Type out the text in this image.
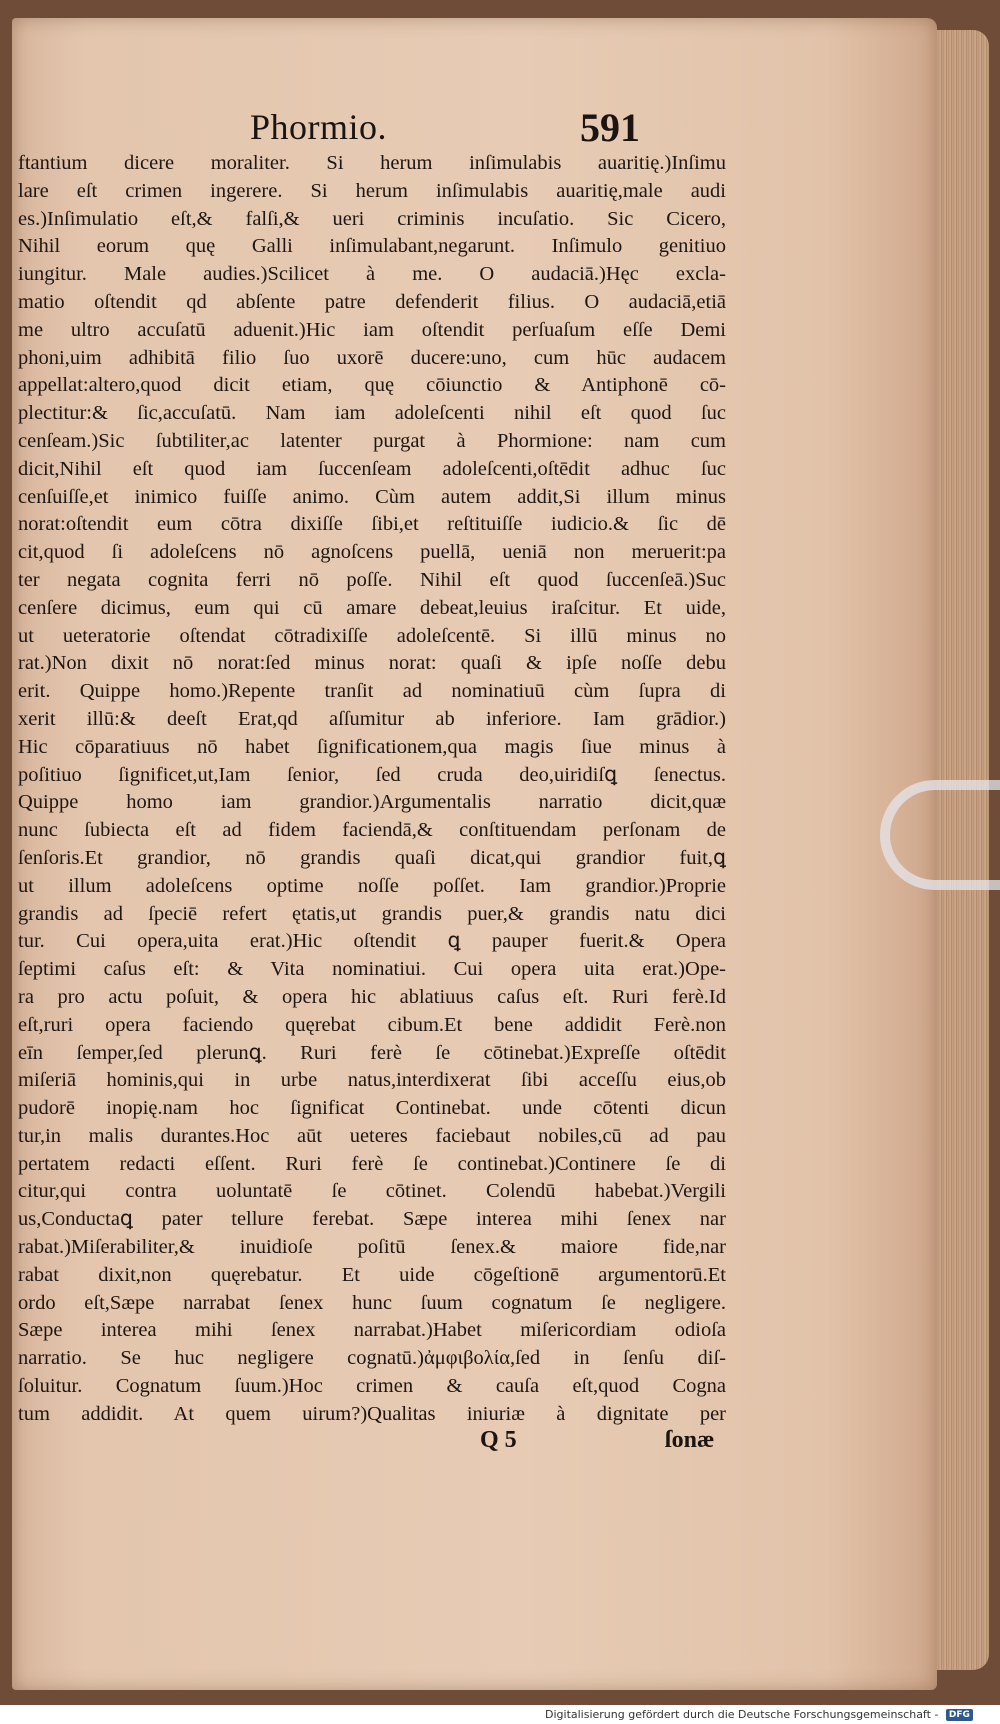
Phormio.	591
ftantium dicere moraliter. Si herum inſimulabis auaritię.)Inſimu
lare eſt crimen ingerere. Si herum inſimulabis auaritię,male audi
es.)Inſimulatio eſt,& falſi,& ueri criminis incuſatio. Sic Cicero,
Nihil eorum quę Galli inſimulabant,negarunt. Inſimulo genitiuo
iungitur. Male audies.)Scilicet à me. O audaciā.)Hęc excla-
matio oſtendit qd abſente patre defenderit filius. O audaciā,etiā
me ultro accuſatū aduenit.)Hic iam oſtendit perſuaſum eſſe Demi
phoni,uim adhibitā filio ſuo uxorē ducere:uno, cum hūc audacem
appellat:altero,quod dicit etiam, quę cōiunctio & Antiphonē cō-
plectitur:& ſic,accuſatū. Nam iam adoleſcenti nihil eſt quod ſuc
cenſeam.)Sic ſubtiliter,ac latenter purgat à Phormione: nam cum
dicit,Nihil eſt quod iam ſuccenſeam adoleſcenti,oſtēdit adhuc ſuc
cenſuiſſe,et inimico fuiſſe animo. Cùm autem addit,Si illum minus
norat:oſtendit eum cōtra dixiſſe ſibi,et reſtituiſſe iudicio.& ſic dē
cit,quod ſi adoleſcens nō agnoſcens puellā, ueniā non meruerit:pa
ter negata cognita ferri nō poſſe. Nihil eſt quod ſuccenſeā.)Suc
cenſere dicimus, eum qui cū amare debeat,leuius iraſcitur. Et uide,
ut ueteratorie oſtendat cōtradixiſſe adoleſcentē. Si illū minus no
rat.)Non dixit nō norat:ſed minus norat: quaſi & ipſe noſſe debu
erit. Quippe homo.)Repente tranſit ad nominatiuū cùm ſupra di
xerit illū:& deeſt Erat,qd aſſumitur ab inferiore. Iam grādior.)
Hic cōparatiuus nō habet ſignificationem,qua magis ſiue minus à
poſitiuo ſignificet,ut,Iam ſenior, ſed cruda deo,uiridiſꝗ ſenectus.
Quippe homo iam grandior.)Argumentalis narratio dicit,quæ
nunc ſubiecta eſt ad fidem faciendā,& conſtituendam perſonam de
ſenſoris.Et grandior, nō grandis quaſi dicat,qui grandior fuit,ꝗ
ut illum adoleſcens optime noſſe poſſet. Iam grandior.)Proprie
grandis ad ſpeciē refert ętatis,ut grandis puer,& grandis natu dici
tur. Cui opera,uita erat.)Hic oſtendit ꝗ pauper fuerit.& Opera
ſeptimi caſus eſt: & Vita nominatiui. Cui opera uita erat.)Ope-
ra pro actu poſuit, & opera hic ablatiuus caſus eſt. Ruri ferè.Id
eſt,ruri opera faciendo quęrebat cibum.Et bene addidit Ferè.non
eīn ſemper,ſed plerunꝗ. Ruri ferè ſe cōtinebat.)Expreſſe oſtēdit
miſeriā hominis,qui in urbe natus,interdixerat ſibi acceſſu eius,ob
pudorē inopię.nam hoc ſignificat Continebat. unde cōtenti dicun
tur,in malis durantes.Hoc aūt ueteres faciebaut nobiles,cū ad pau
pertatem redacti eſſent. Ruri ferè ſe continebat.)Continere ſe di
citur,qui contra uoluntatē ſe cōtinet. Colendū habebat.)Vergili
us,Conductaꝗ pater tellure ferebat. Sæpe interea mihi ſenex nar
rabat.)Miſerabiliter,& inuidioſe poſitū ſenex.& maiore fide,nar
rabat dixit,non quęrebatur. Et uide cōgeſtionē argumentorū.Et
ordo eſt,Sæpe narrabat ſenex hunc ſuum cognatum ſe negligere.
Sæpe interea mihi ſenex narrabat.)Habet miſericordiam odioſa
narratio. Se huc negligere cognatū.)ἀμφιβολία,ſed in ſenſu diſ-
ſoluitur. Cognatum ſuum.)Hoc crimen & cauſa eſt,quod Cogna
tum addidit. At quem uirum?)Qualitas iniuriæ à dignitate per
Q 5	ſonæ
Digitalisierung gefördert durch die Deutsche Forschungsgemeinschaft - DFG
